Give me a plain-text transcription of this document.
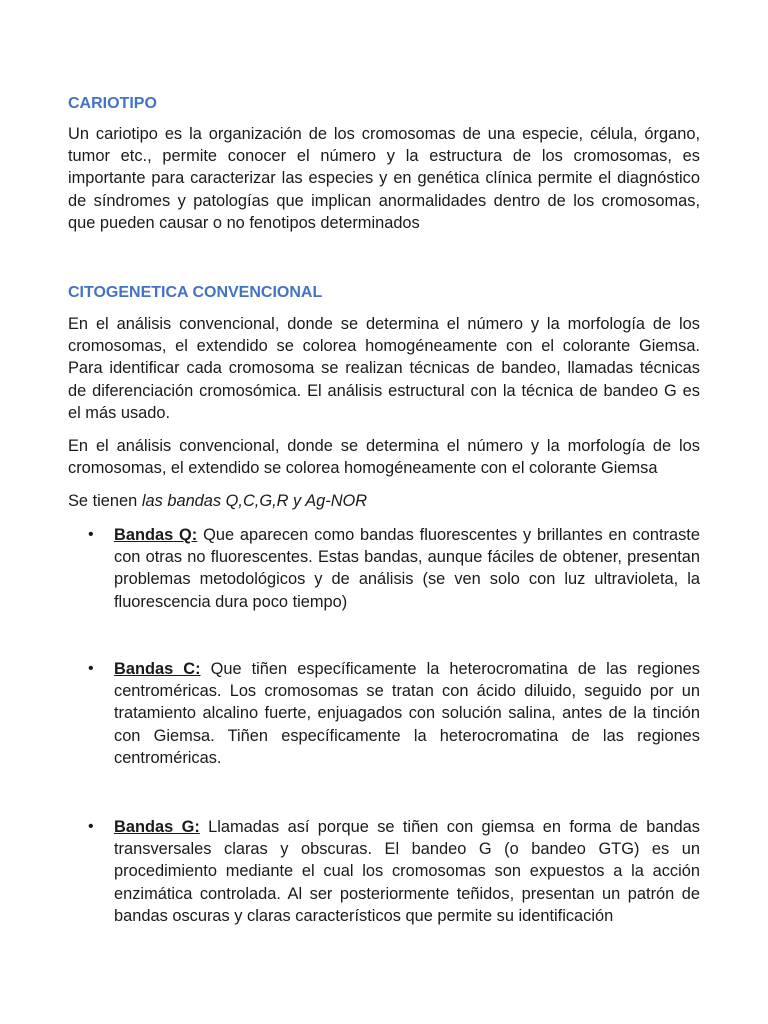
CARIOTIPO

Un cariotipo es la organización de los cromosomas de una especie, célula, órgano, tumor etc., permite conocer el número y la estructura de los cromosomas, es importante para caracterizar las especies y en genética clínica permite el diagnóstico de síndromes y patologías que implican anormalidades dentro de los cromosomas, que pueden causar o no fenotipos determinados

CITOGENETICA CONVENCIONAL

En el análisis convencional, donde se determina el número y la morfología de los cromosomas, el extendido se colorea homogéneamente con el colorante Giemsa. Para identificar cada cromosoma se realizan técnicas de bandeo, llamadas técnicas de diferenciación cromosómica. El análisis estructural con la técnica de bandeo G es el más usado.

En el análisis convencional, donde se determina el número y la morfología de los cromosomas, el extendido se colorea homogéneamente con el colorante Giemsa

Se tienen las bandas Q,C,G,R y Ag-NOR

• Bandas Q: Que aparecen como bandas fluorescentes y brillantes en contraste con otras no fluorescentes. Estas bandas, aunque fáciles de obtener, presentan problemas metodológicos y de análisis (se ven solo con luz ultravioleta, la fluorescencia dura poco tiempo)
• Bandas C: Que tiñen específicamente la heterocromatina de las regiones centroméricas. Los cromosomas se tratan con ácido diluido, seguido por un tratamiento alcalino fuerte, enjuagados con solución salina, antes de la tinción con Giemsa. Tiñen específicamente la heterocromatina de las regiones centroméricas.
• Bandas G: Llamadas así porque se tiñen con giemsa en forma de bandas transversales claras y obscuras. El bandeo G (o bandeo GTG) es un procedimiento mediante el cual los cromosomas son expuestos a la acción enzimática controlada. Al ser posteriormente teñidos, presentan un patrón de bandas oscuras y claras característicos que permite su identificación
